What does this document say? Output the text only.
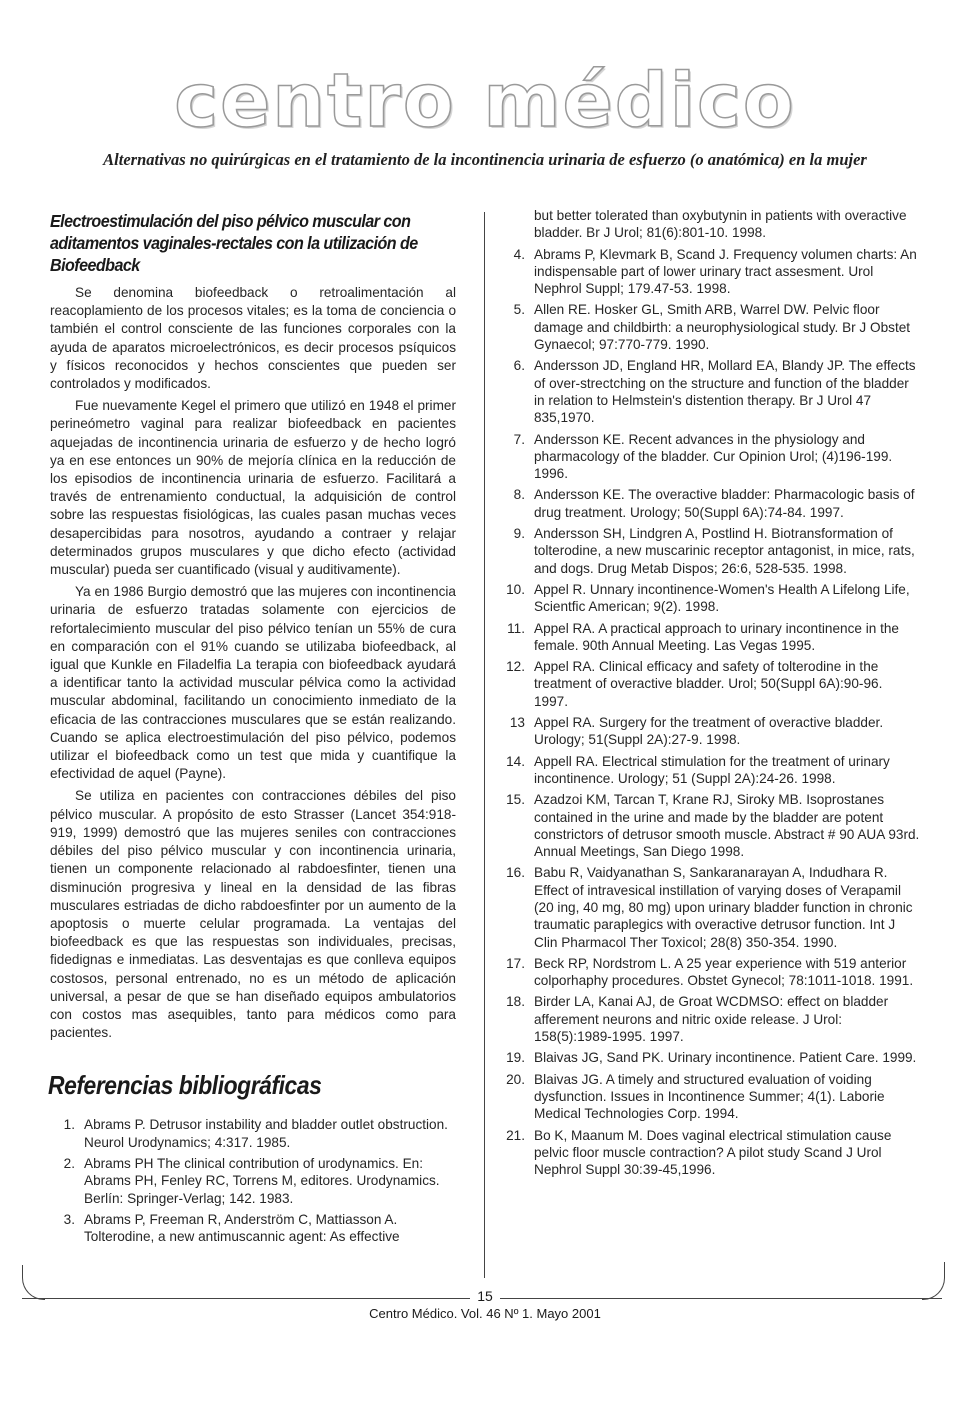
centro médico
Alternativas no quirúrgicas en el tratamiento de la incontinencia urinaria de esfuerzo (o anatómica) en la mujer
Electroestimulación del piso pélvico muscular con aditamentos vaginales-rectales con la utilización de Biofeedback

Se denomina biofeedback o retroalimentación al reacoplamiento de los procesos vitales; es la toma de conciencia o también el control consciente de las funciones corporales con la ayuda de aparatos microelectrónicos, es decir procesos psíquicos y físicos reconocidos y hechos conscientes que pueden ser controlados y modificados.

Fue nuevamente Kegel el primero que utilizó en 1948 el primer perineómetro vaginal para realizar biofeedback en pacientes aquejadas de incontinencia urinaria de esfuerzo y de hecho logró ya en ese entonces un 90% de mejoría clínica en la reducción de los episodios de incontinencia urinaria de esfuerzo. Facilitará a través de entrenamiento conductual, la adquisición de control sobre las respuestas fisiológicas, las cuales pasan muchas veces desapercibidas para nosotros, ayudando a contraer y relajar determinados grupos musculares y que dicho efecto (actividad muscular) pueda ser cuantificado (visual y auditivamente).

Ya en 1986 Burgio demostró que las mujeres con incontinencia urinaria de esfuerzo tratadas solamente con ejercicios de refortalecimiento muscular del piso pélvico tenían un 55% de cura en comparación con el 91% cuando se utilizaba biofeedback, al igual que Kunkle en Filadelfia La terapia con biofeedback ayudará a identificar tanto la actividad muscular pélvica como la actividad muscular abdominal, facilitando un conocimiento inmediato de la eficacia de las contracciones musculares que se están realizando. Cuando se aplica electroestimulación del piso pélvico, podemos utilizar el biofeedback como un test que mida y cuantifique la efectividad de aquel (Payne).

Se utiliza en pacientes con contracciones débiles del piso pélvico muscular. A propósito de esto Strasser (Lancet 354:918-919, 1999) demostró que las mujeres seniles con contracciones débiles del piso pélvico muscular y con incontinencia urinaria, tienen un componente relacionado al rabdoesfinter, tienen una disminución progresiva y lineal en la densidad de las fibras musculares estriadas de dicho rabdoesfinter por un aumento de la apoptosis o muerte celular programada. La ventajas del biofeedback es que las respuestas son individuales, precisas, fidedignas e inmediatas. Las desventajas es que conlleva equipos costosos, personal entrenado, no es un método de aplicación universal, a pesar de que se han diseñado equipos ambulatorios con costos mas asequibles, tanto para médicos como para pacientes.

Referencias bibliográficas
1. Abrams P. Detrusor instability and bladder outlet obstruction. Neurol Urodynamics; 4:317. 1985.
2. Abrams PH The clinical contribution of urodynamics. En: Abrams PH, Fenley RC, Torrens M, editores. Urodynamics. Berlín: Springer-Verlag; 142. 1983.
3. Abrams P, Freeman R, Anderström C, Mattiasson A. Tolterodine, a new antimuscannic agent: As effective
but better tolerated than oxybutynin in patients with overactive bladder. Br J Urol; 81(6):801-10. 1998.
4. Abrams P, Klevmark B, Scand J. Frequency volumen charts: An indispensable part of lower urinary tract assesment. Urol Nephrol Suppl; 179.47-53. 1998.
5. Allen RE. Hosker GL, Smith ARB, Warrel DW. Pelvic floor damage and childbirth: a neurophysiological study. Br J Obstet Gynaecol; 97:770-779. 1990.
6. Andersson JD, England HR, Mollard EA, Blandy JP. The effects of over-strectching on the structure and function of the bladder in relation to Helmstein's distention therapy. Br J Urol 47 835,1970.
7. Andersson KE. Recent advances in the physiology and pharmacology of the bladder. Cur Opinion Urol; (4)196-199. 1996.
8. Andersson KE. The overactive bladder: Pharmacologic basis of drug treatment. Urology; 50(Suppl 6A):74-84. 1997.
9. Andersson SH, Lindgren A, Postlind H. Biotransformation of tolterodine, a new muscarinic receptor antagonist, in mice, rats, and dogs. Drug Metab Dispos; 26:6, 528-535. 1998.
10. Appel R. Unnary incontinence-Women's Health A Lifelong Life, Scientfic American; 9(2). 1998.
11. Appel RA. A practical approach to urinary incontinence in the female. 90th Annual Meeting. Las Vegas 1995.
12. Appel RA. Clinical efficacy and safety of tolterodine in the treatment of overactive bladder. Urol; 50(Suppl 6A):90-96. 1997.
13 Appel RA. Surgery for the treatment of overactive bladder. Urology; 51(Suppl 2A):27-9. 1998.
14. Appell RA. Electrical stimulation for the treatment of urinary incontinence. Urology; 51 (Suppl 2A):24-26. 1998.
15. Azadzoi KM, Tarcan T, Krane RJ, Siroky MB. Isoprostanes contained in the urine and made by the bladder are potent constrictors of detrusor smooth muscle. Abstract # 90 AUA 93rd. Annual Meetings, San Diego 1998.
16. Babu R, Vaidyanathan S, Sankaranarayan A, Indudhara R. Effect of intravesical instillation of varying doses of Verapamil (20 ing, 40 mg, 80 mg) upon urinary bladder function in chronic traumatic paraplegics with overactive detrusor function. Int J Clin Pharmacol Ther Toxicol; 28(8) 350-354. 1990.
17. Beck RP, Nordstrom L. A 25 year experience with 519 anterior colporhaphy procedures. Obstet Gynecol; 78:1011-1018. 1991.
18. Birder LA, Kanai AJ, de Groat WCDMSO: effect on bladder afferement neurons and nitric oxide release. J Urol: 158(5):1989-1995. 1997.
19. Blaivas JG, Sand PK. Urinary incontinence. Patient Care. 1999.
20. Blaivas JG. A timely and structured evaluation of voiding dysfunction. Issues in Incontinence Summer; 4(1). Laborie Medical Technologies Corp. 1994.
21. Bo K, Maanum M. Does vaginal electrical stimulation cause pelvic floor muscle contraction? A pilot study Scand J Urol Nephrol Suppl 30:39-45,1996.
15
Centro Médico. Vol. 46 Nº 1. Mayo 2001
